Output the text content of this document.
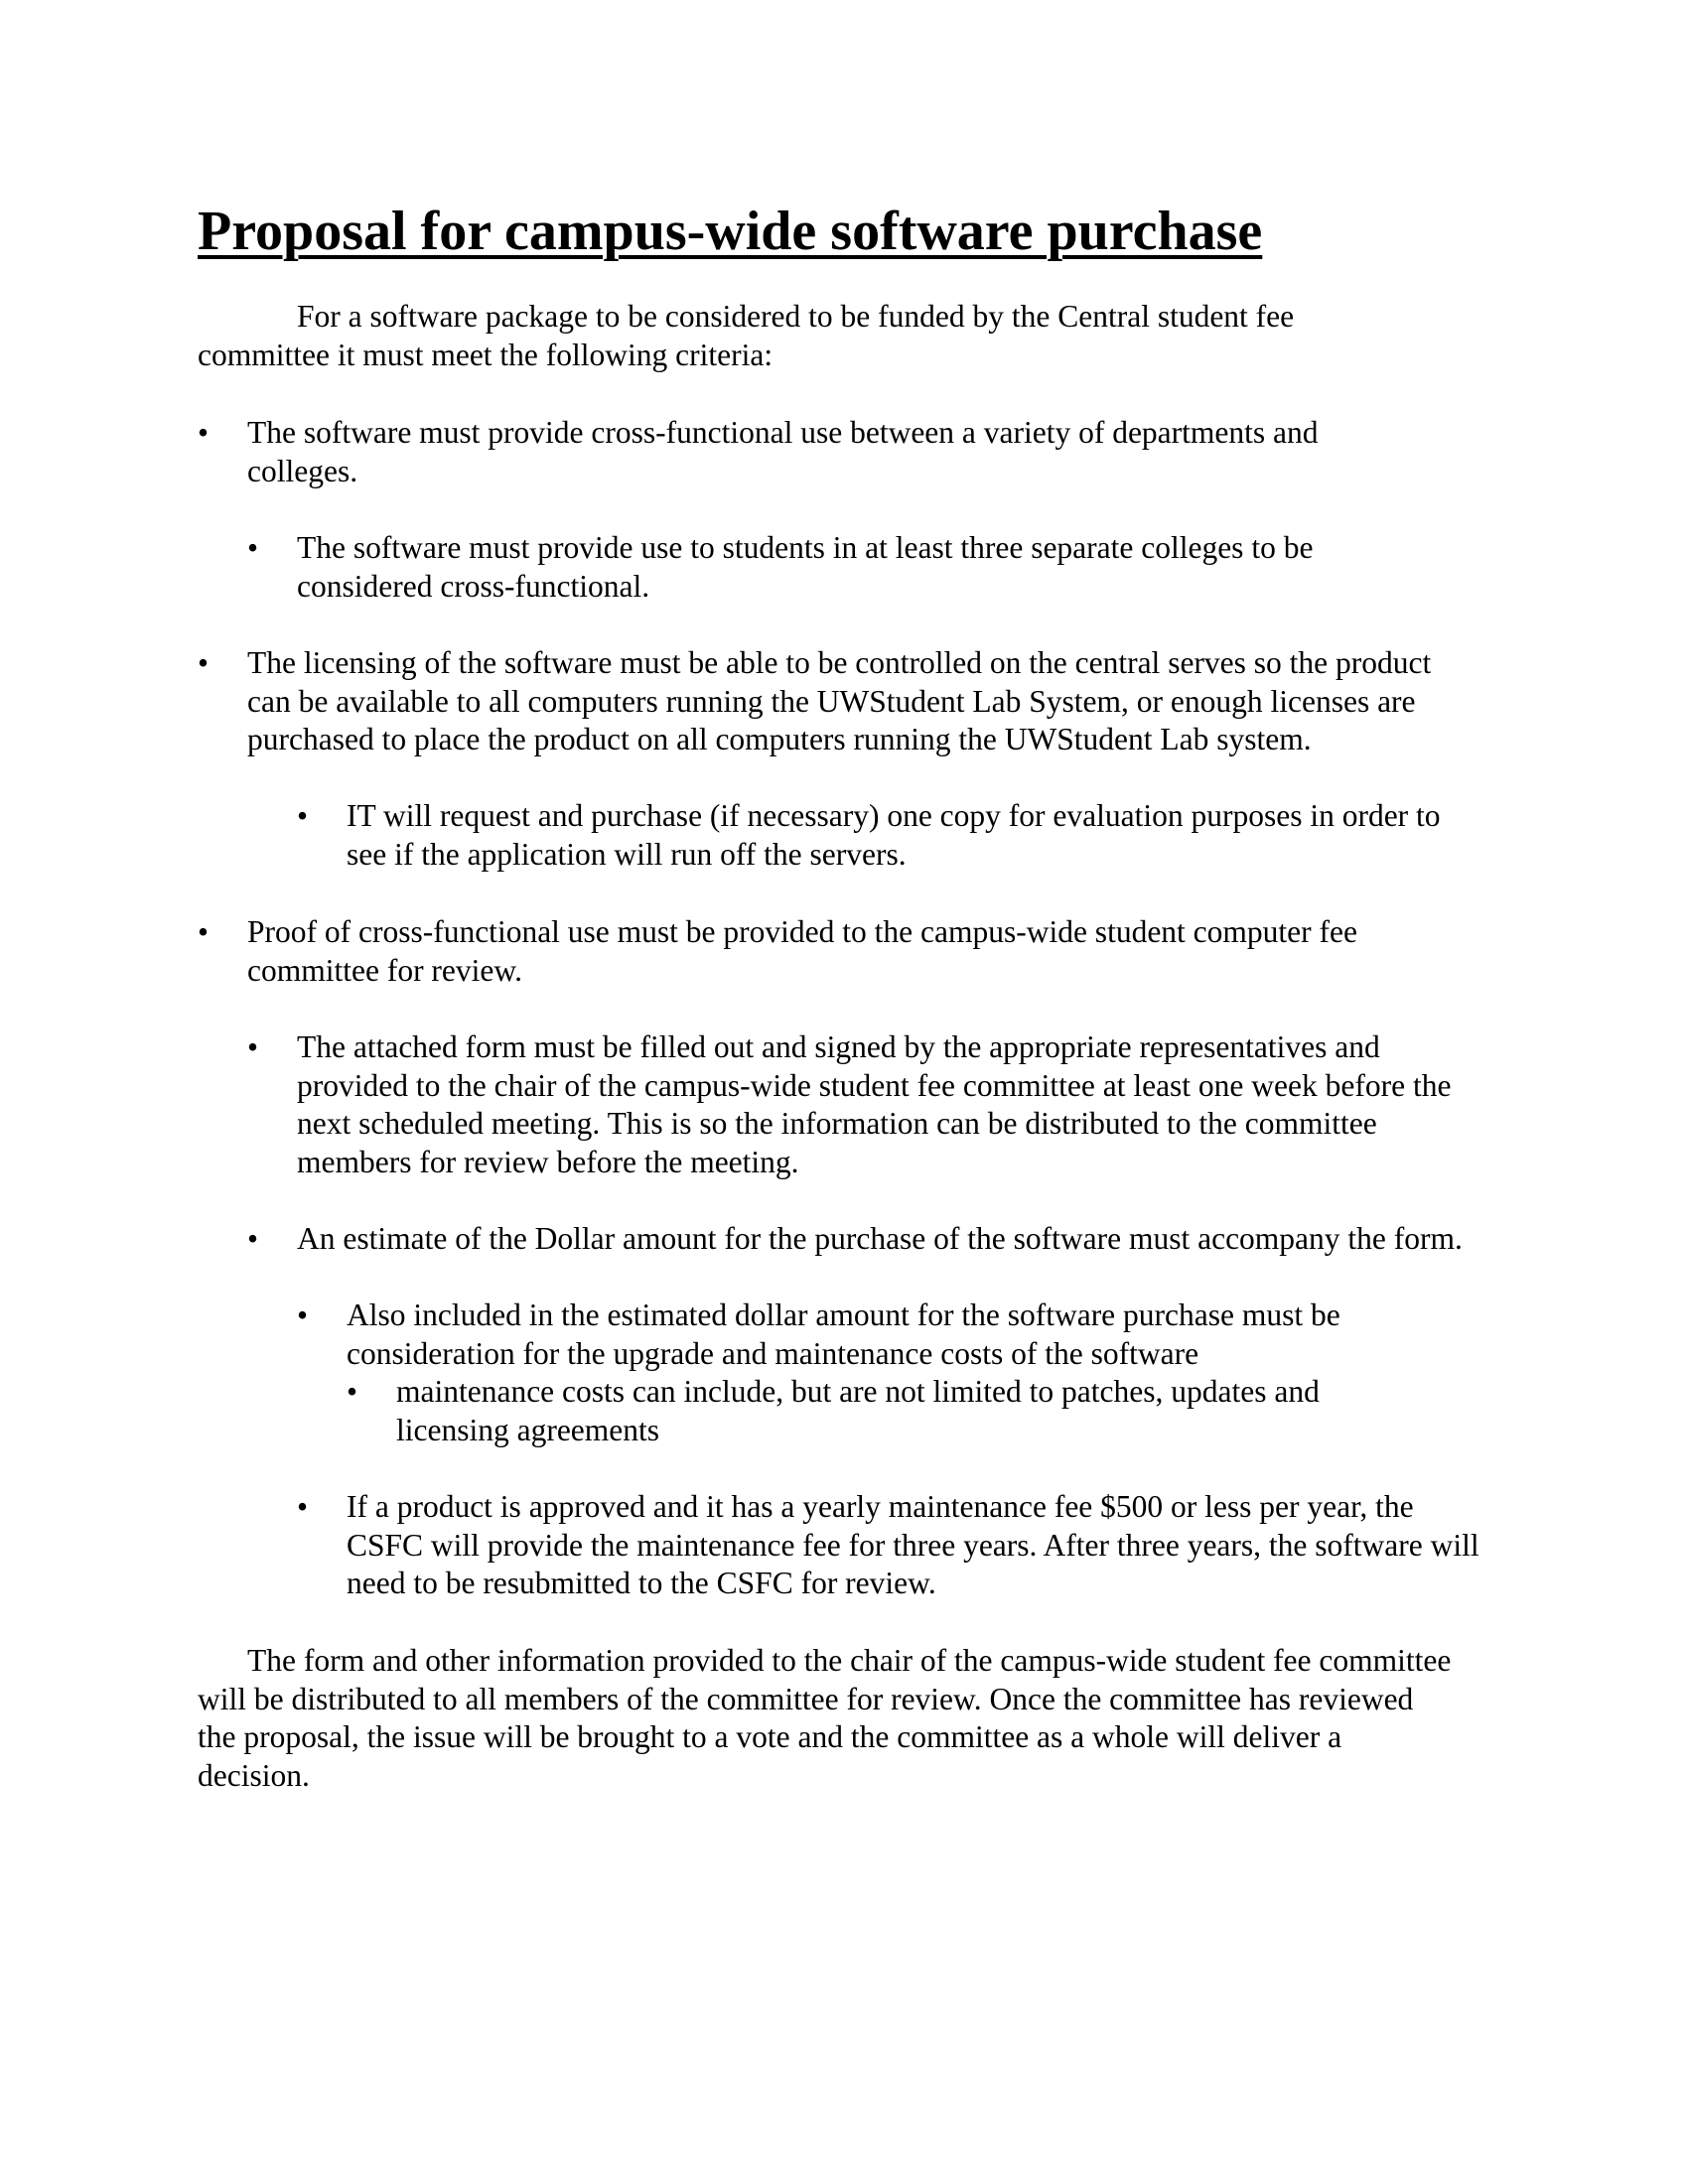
Proposal for campus-wide software purchase

For a software package to be considered to be funded by the Central student fee committee it must meet the following criteria:

• The software must provide cross-functional use between a variety of departments and colleges.

• The software must provide use to students in at least three separate colleges to be considered cross-functional.

• The licensing of the software must be able to be controlled on the central serves so the product can be available to all computers running the UWStudent Lab System, or enough licenses are purchased to place the product on all computers running the UWStudent Lab system.

• IT will request and purchase (if necessary) one copy for evaluation purposes in order to see if the application will run off the servers.

• Proof of cross-functional use must be provided to the campus-wide student computer fee committee for review.

• The attached form must be filled out and signed by the appropriate representatives and provided to the chair of the campus-wide student fee committee at least one week before the next scheduled meeting. This is so the information can be distributed to the committee members for review before the meeting.

• An estimate of the Dollar amount for the purchase of the software must accompany the form.

• Also included in the estimated dollar amount for the software purchase must be consideration for the upgrade and maintenance costs of the software

• maintenance costs can include, but are not limited to patches, updates and licensing agreements

• If a product is approved and it has a yearly maintenance fee $500 or less per year, the CSFC will provide the maintenance fee for three years. After three years, the software will need to be resubmitted to the CSFC for review.

The form and other information provided to the chair of the campus-wide student fee committee will be distributed to all members of the committee for review. Once the committee has reviewed the proposal, the issue will be brought to a vote and the committee as a whole will deliver a decision.
